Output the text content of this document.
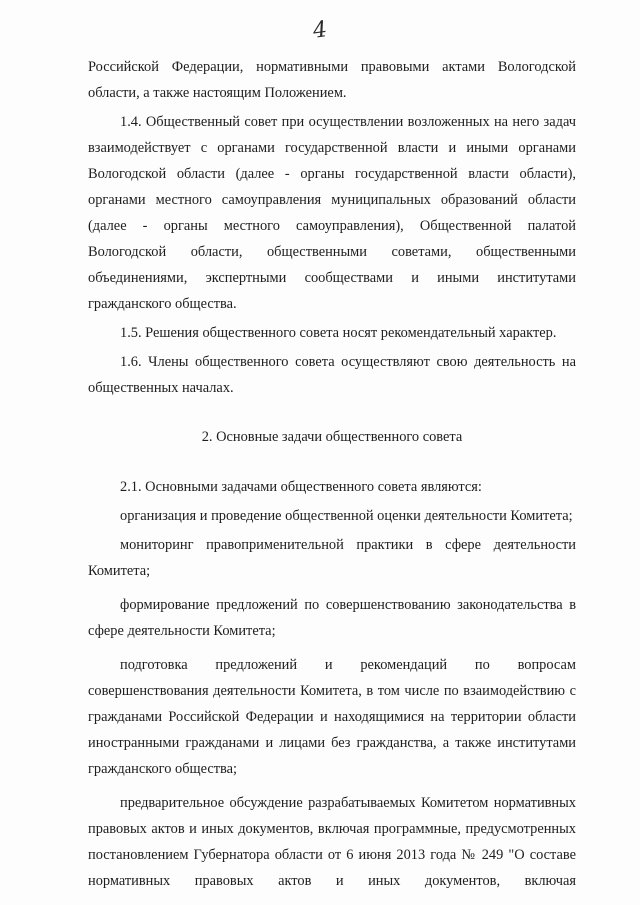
4

Российской Федерации, нормативными правовыми актами Вологодской области, а также настоящим Положением.

1.4. Общественный совет при осуществлении возложенных на него задач взаимодействует с органами государственной власти и иными органами Вологодской области (далее - органы государственной власти области), органами местного самоуправления муниципальных образований области (далее - органы местного самоуправления), Общественной палатой Вологодской области, общественными советами, общественными объединениями, экспертными сообществами и иными институтами гражданского общества.

1.5. Решения общественного совета носят рекомендательный характер.

1.6. Члены общественного совета осуществляют свою деятельность на общественных началах.

2. Основные задачи общественного совета

2.1. Основными задачами общественного совета являются:

организация и проведение общественной оценки деятельности Комитета;

мониторинг правоприменительной практики в сфере деятельности Комитета;

формирование предложений по совершенствованию законодательства в сфере деятельности Комитета;

подготовка предложений и рекомендаций по вопросам совершенствования деятельности Комитета, в том числе по взаимодействию с гражданами Российской Федерации и находящимися на территории области иностранными гражданами и лицами без гражданства, а также институтами гражданского общества;

предварительное обсуждение разрабатываемых Комитетом нормативных правовых актов и иных документов, включая программные, предусмотренных постановлением Губернатора области от 6 июня 2013 года № 249 "О составе нормативных правовых актов и иных документов, включая
